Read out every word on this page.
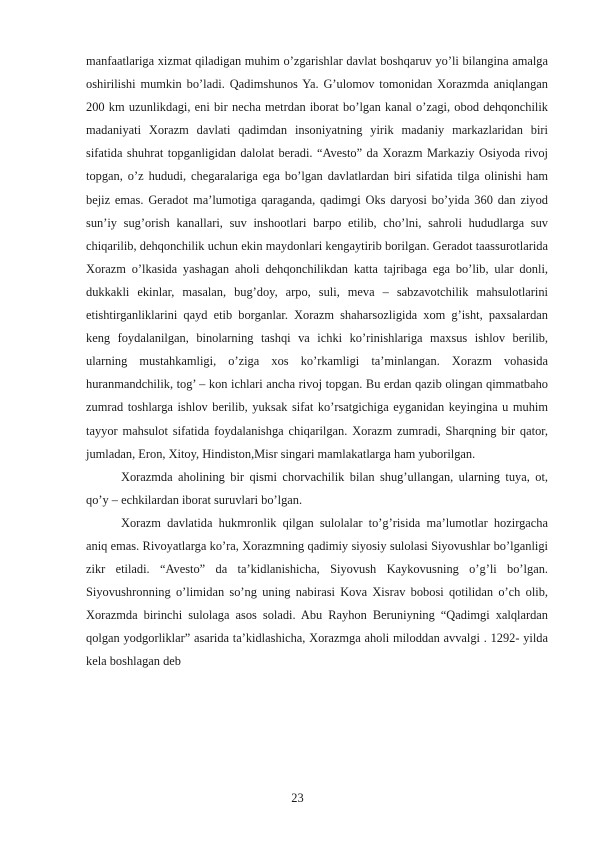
manfaatlariga xizmat qiladigan muhim o’zgarishlar davlat boshqaruv yo’li bilangina amalga oshirilishi mumkin bo’ladi. Qadimshunos Ya. G’ulomov tomonidan Xorazmda aniqlangan 200 km uzunlikdagi, eni bir necha metrdan iborat bo’lgan kanal o’zagi, obod dehqonchilik madaniyati Xorazm davlati qadimdan insoniyatning yirik madaniy markazlaridan biri sifatida shuhrat topganligidan dalolat beradi. “Avesto” da Xorazm Markaziy Osiyoda rivoj topgan, o’z hududi, chegaralariga ega bo’lgan davlatlardan biri sifatida tilga olinishi ham bejiz emas. Geradot ma’lumotiga qaraganda, qadimgi Oks daryosi bo’yida 360 dan ziyod sun’iy sug’orish kanallari, suv inshootlari barpo etilib, cho’lni, sahroli hududlarga suv chiqarilib, dehqonchilik uchun ekin maydonlari kengaytirib borilgan. Geradot taassurotlarida Xorazm o’lkasida yashagan aholi dehqonchilikdan katta tajribaga ega bo’lib, ular donli, dukkakli ekinlar, masalan, bug’doy, arpo, suli, meva – sabzavotchilik mahsulotlarini etishtirganliklarini qayd etib borganlar. Xorazm shaharsozligida xom g’isht, paxsalardan keng foydalanilgan, binolarning tashqi va ichki ko’rinishlariga maxsus ishlov berilib, ularning mustahkamligi, o’ziga xos ko’rkamligi ta’minlangan. Xorazm vohasida huranmandchilik, tog’ – kon ichlari ancha rivoj topgan. Bu erdan qazib olingan qimmatbaho zumrad toshlarga ishlov berilib, yuksak sifat ko’rsatgichiga eyganidan keyingina u muhim tayyor mahsulot sifatida foydalanishga chiqarilgan. Xorazm zumradi, Sharqning bir qator, jumladan, Eron, Xitoy, Hindiston,Misr singari mamlakatlarga ham yuborilgan.

Xorazmda aholining bir qismi chorvachilik bilan shug’ullangan, ularning tuya, ot, qo’y – echkilardan iborat suruvlari bo’lgan.

Xorazm davlatida hukmronlik qilgan sulolalar to’g’risida ma’lumotlar hozirgacha aniq emas. Rivoyatlarga ko’ra, Xorazmning qadimiy siyosiy sulolasi Siyovushlar bo’lganligi zikr etiladi. “Avesto” da ta’kidlanishicha, Siyovush Kaykovusning o’g’li bo’lgan. Siyovushronning o’limidan so’ng uning nabirasi Kova Xisrav bobosi qotilidan o’ch olib, Xorazmda birinchi sulolaga asos soladi. Abu Rayhon Beruniyning “Qadimgi xalqlardan qolgan yodgorliklar” asarida ta’kidlashicha, Xorazmga aholi miloddan avvalgi . 1292- yilda kela boshlagan deb

23
